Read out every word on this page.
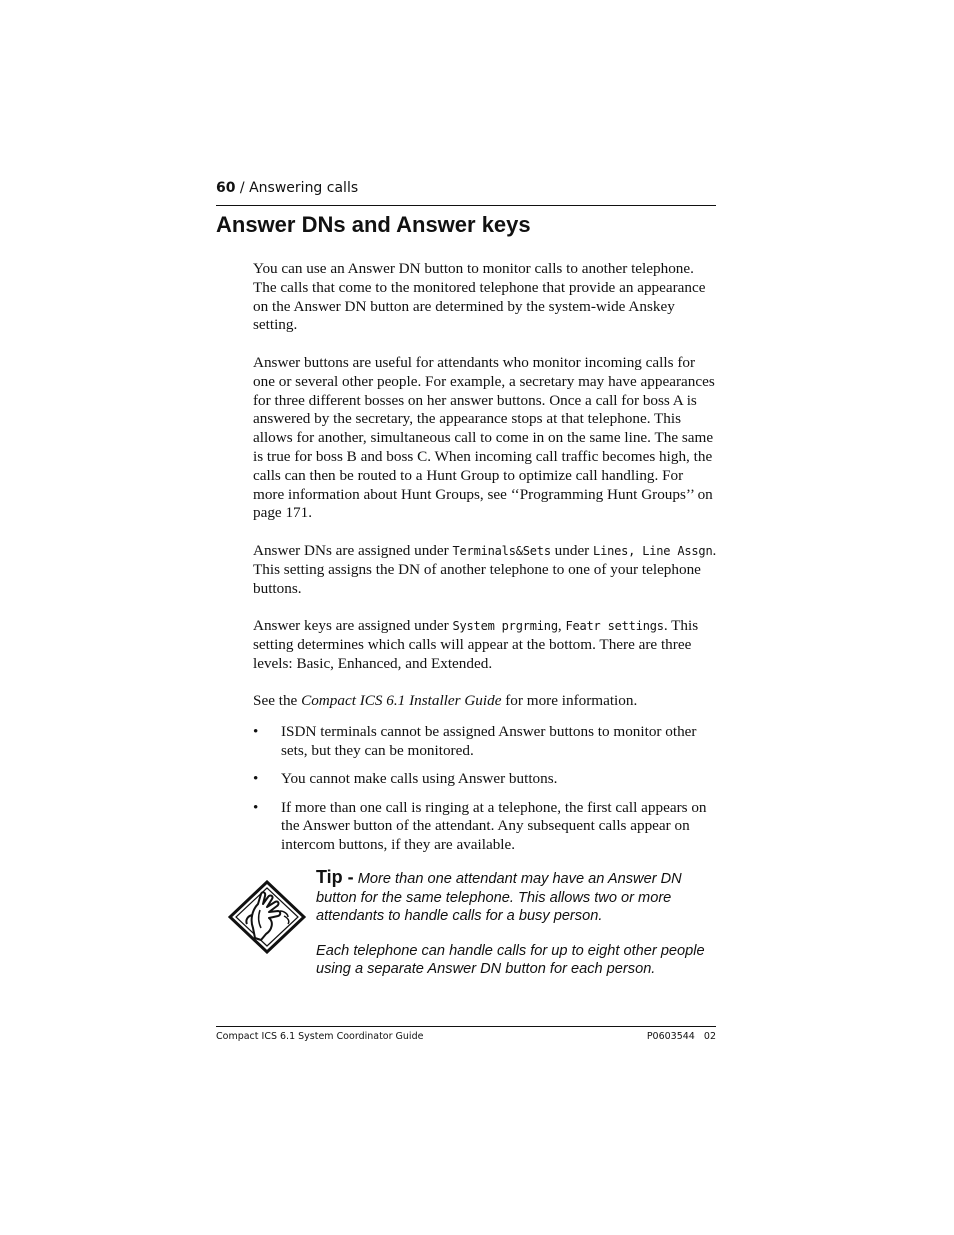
60 / Answering calls
Answer DNs and Answer keys

You can use an Answer DN button to monitor calls to another telephone. The calls that come to the monitored telephone that provide an appearance on the Answer DN button are determined by the system-wide Anskey setting.

Answer buttons are useful for attendants who monitor incoming calls for one or several other people. For example, a secretary may have appearances for three different bosses on her answer buttons. Once a call for boss A is answered by the secretary, the appearance stops at that telephone. This allows for another, simultaneous call to come in on the same line. The same is true for boss B and boss C. When incoming call traffic becomes high, the calls can then be routed to a Hunt Group to optimize call handling. For more information about Hunt Groups, see ‘‘Programming Hunt Groups’’ on page 171.

Answer DNs are assigned under Terminals&Sets under Lines, Line Assgn. This setting assigns the DN of another telephone to one of your telephone buttons.

Answer keys are assigned under System prgrming, Featr settings. This setting determines which calls will appear at the bottom. There are three levels: Basic, Enhanced, and Extended.

See the Compact ICS 6.1 Installer Guide for more information.

• ISDN terminals cannot be assigned Answer buttons to monitor other sets, but they can be monitored.
• You cannot make calls using Answer buttons.
• If more than one call is ringing at a telephone, the first call appears on the Answer button of the attendant. Any subsequent calls appear on intercom buttons, if they are available.

Tip - More than one attendant may have an Answer DN button for the same telephone. This allows two or more attendants to handle calls for a busy person.

Each telephone can handle calls for up to eight other people using a separate Answer DN button for each person.

Compact ICS 6.1 System Coordinator Guide	P0603544   02
